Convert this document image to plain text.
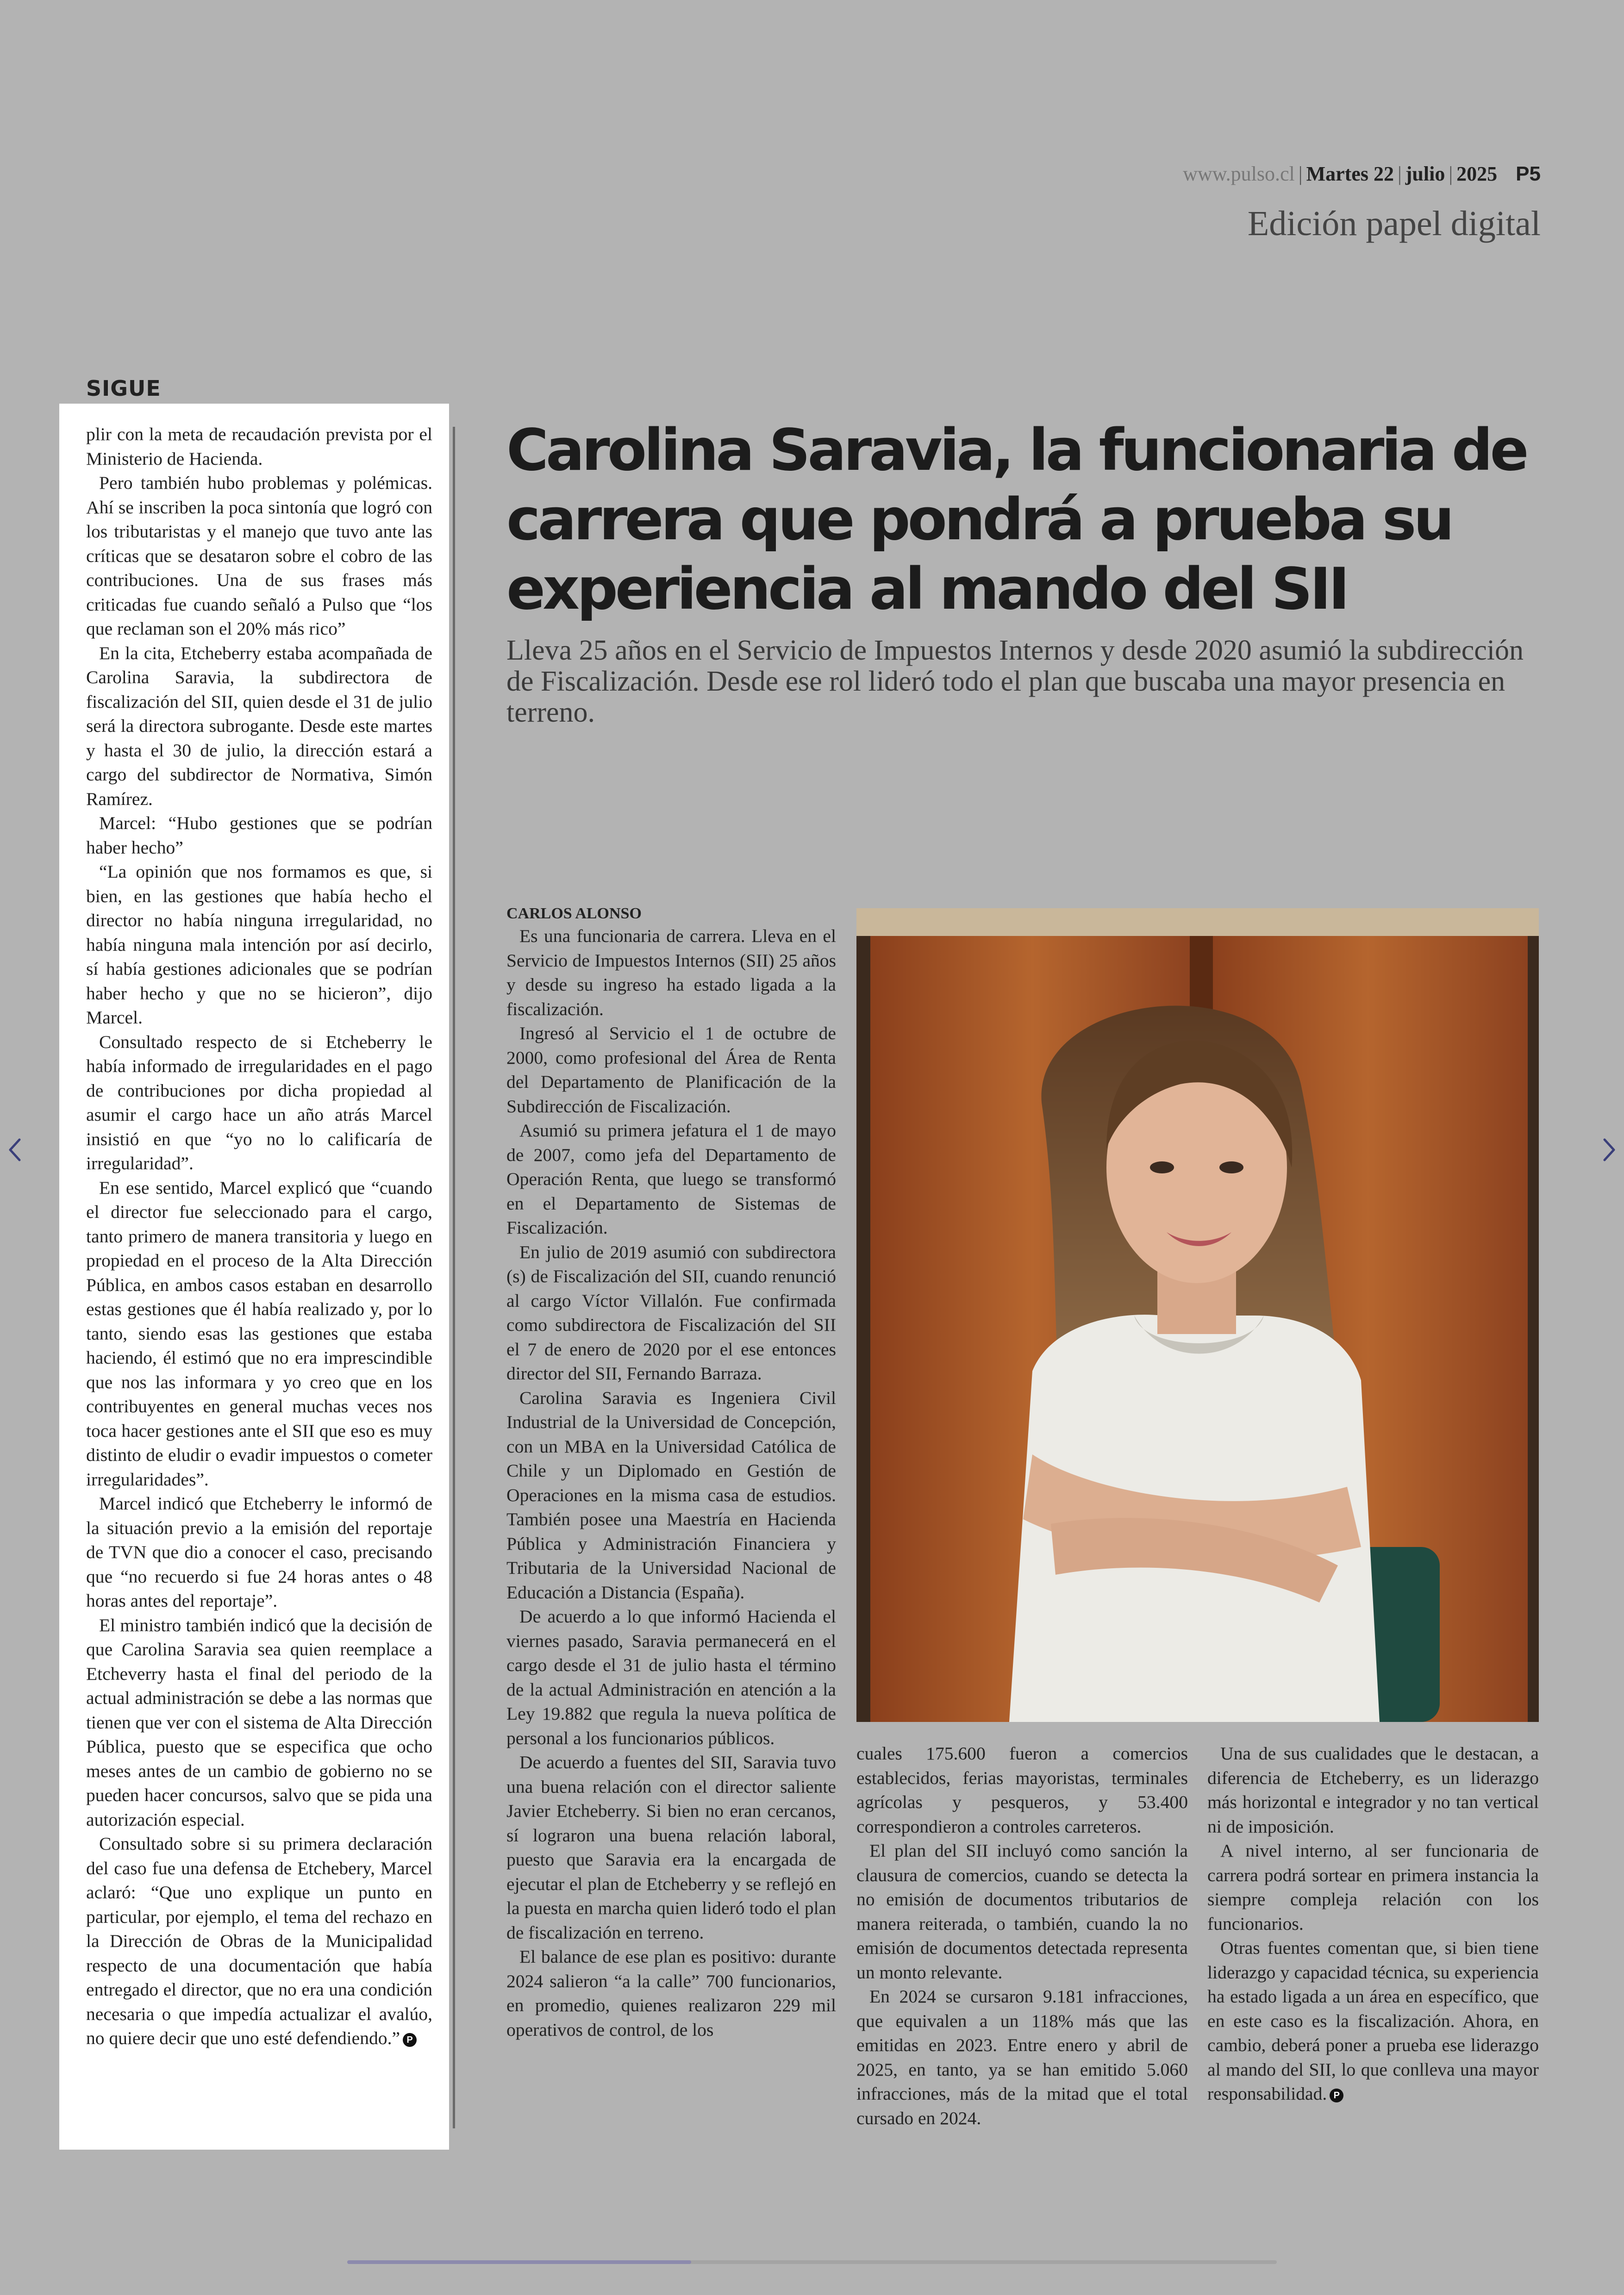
www.pulso.cl | Martes 22 | julio | 2025 P5
Edición papel digital
SIGUE

plir con la meta de recaudación prevista por el Ministerio de Hacienda.

Pero también hubo problemas y polémicas. Ahí se inscriben la poca sintonía que logró con los tributaristas y el manejo que tuvo ante las críticas que se desataron sobre el cobro de las contribuciones. Una de sus frases más criticadas fue cuando señaló a Pulso que “los que reclaman son el 20% más rico”

En la cita, Etcheberry estaba acompañada de Carolina Saravia, la subdirectora de fiscalización del SII, quien desde el 31 de julio será la directora subrogante. Desde este martes y hasta el 30 de julio, la dirección estará a cargo del subdirector de Normativa, Simón Ramírez.

Marcel: “Hubo gestiones que se podrían haber hecho”

“La opinión que nos formamos es que, si bien, en las gestiones que había hecho el director no había ninguna irregularidad, no había ninguna mala intención por así decirlo, sí había gestiones adicionales que se podrían haber hecho y que no se hicieron”, dijo Marcel.

Consultado respecto de si Etcheberry le había informado de irregularidades en el pago de contribuciones por dicha propiedad al asumir el cargo hace un año atrás Marcel insistió en que “yo no lo calificaría de irregularidad”.

En ese sentido, Marcel explicó que “cuando el director fue seleccionado para el cargo, tanto primero de manera transitoria y luego en propiedad en el proceso de la Alta Dirección Pública, en ambos casos estaban en desarrollo estas gestiones que él había realizado y, por lo tanto, siendo esas las gestiones que estaba haciendo, él estimó que no era imprescindible que nos las informara y yo creo que en los contribuyentes en general muchas veces nos toca hacer gestiones ante el SII que eso es muy distinto de eludir o evadir impuestos o cometer irregularidades”.

Marcel indicó que Etcheberry le informó de la situación previo a la emisión del reportaje de TVN que dio a conocer el caso, precisando que “no recuerdo si fue 24 horas antes o 48 horas antes del reportaje”.

El ministro también indicó que la decisión de que Carolina Saravia sea quien reemplace a Etcheverry hasta el final del periodo de la actual administración se debe a las normas que tienen que ver con el sistema de Alta Dirección Pública, puesto que se especifica que ocho meses antes de un cambio de gobierno no se pueden hacer concursos, salvo que se pida una autorización especial.

Consultado sobre si su primera declaración del caso fue una defensa de Etchebery, Marcel aclaró: “Que uno explique un punto en particular, por ejemplo, el tema del rechazo en la Dirección de Obras de la Municipalidad respecto de una documentación que había entregado el director, que no era una condición necesaria o que impedía actualizar el avalúo, no quiere decir que uno esté defendiendo.” P

Carolina Saravia, la funcionaria de carrera que pondrá a prueba su experiencia al mando del SII
Lleva 25 años en el Servicio de Impuestos Internos y desde 2020 asumió la subdirección de Fiscalización. Desde ese rol lideró todo el plan que buscaba una mayor presencia en terreno.
CARLOS ALONSO

Es una funcionaria de carrera. Lleva en el Servicio de Impuestos Internos (SII) 25 años y desde su ingreso ha estado ligada a la fiscalización.

Ingresó al Servicio el 1 de octubre de 2000, como profesional del Área de Renta del Departamento de Planificación de la Subdirección de Fiscalización.

Asumió su primera jefatura el 1 de mayo de 2007, como jefa del Departamento de Operación Renta, que luego se transformó en el Departamento de Sistemas de Fiscalización.

En julio de 2019 asumió con subdirectora (s) de Fiscalización del SII, cuando renunció al cargo Víctor Villalón. Fue confirmada como subdirectora de Fiscalización del SII el 7 de enero de 2020 por el ese entonces director del SII, Fernando Barraza.

Carolina Saravia es Ingeniera Civil Industrial de la Universidad de Concepción, con un MBA en la Universidad Católica de Chile y un Diplomado en Gestión de Operaciones en la misma casa de estudios. También posee una Maestría en Hacienda Pública y Administración Financiera y Tributaria de la Universidad Nacional de Educación a Distancia (España).

De acuerdo a lo que informó Hacienda el viernes pasado, Saravia permanecerá en el cargo desde el 31 de julio hasta el término de la actual Administración en atención a la Ley 19.882 que regula la nueva política de personal a los funcionarios públicos.

De acuerdo a fuentes del SII, Saravia tuvo una buena relación con el director saliente Javier Etcheberry. Si bien no eran cercanos, sí lograron una buena relación laboral, puesto que Saravia era la encargada de ejecutar el plan de Etcheberry y se reflejó en la puesta en marcha quien lideró todo el plan de fiscalización en terreno.

El balance de ese plan es positivo: durante 2024 salieron “a la calle” 700 funcionarios, en promedio, quienes realizaron 229 mil operativos de control, de los

cuales 175.600 fueron a comercios establecidos, ferias mayoristas, terminales agrícolas y pesqueros, y 53.400 correspondieron a controles carreteros.

El plan del SII incluyó como sanción la clausura de comercios, cuando se detecta la no emisión de documentos tributarios de manera reiterada, o también, cuando la no emisión de documentos detectada representa un monto relevante.

En 2024 se cursaron 9.181 infracciones, que equivalen a un 118% más que las emitidas en 2023. Entre enero y abril de 2025, en tanto, ya se han emitido 5.060 infracciones, más de la mitad que el total cursado en 2024.

Una de sus cualidades que le destacan, a diferencia de Etcheberry, es un liderazgo más horizontal e integrador y no tan vertical ni de imposición.

A nivel interno, al ser funcionaria de carrera podrá sortear en primera instancia la siempre compleja relación con los funcionarios.

Otras fuentes comentan que, si bien tiene liderazgo y capacidad técnica, su experiencia ha estado ligada a un área en específico, que en este caso es la fiscalización. Ahora, en cambio, deberá poner a prueba ese liderazgo al mando del SII, lo que conlleva una mayor responsabilidad. P
